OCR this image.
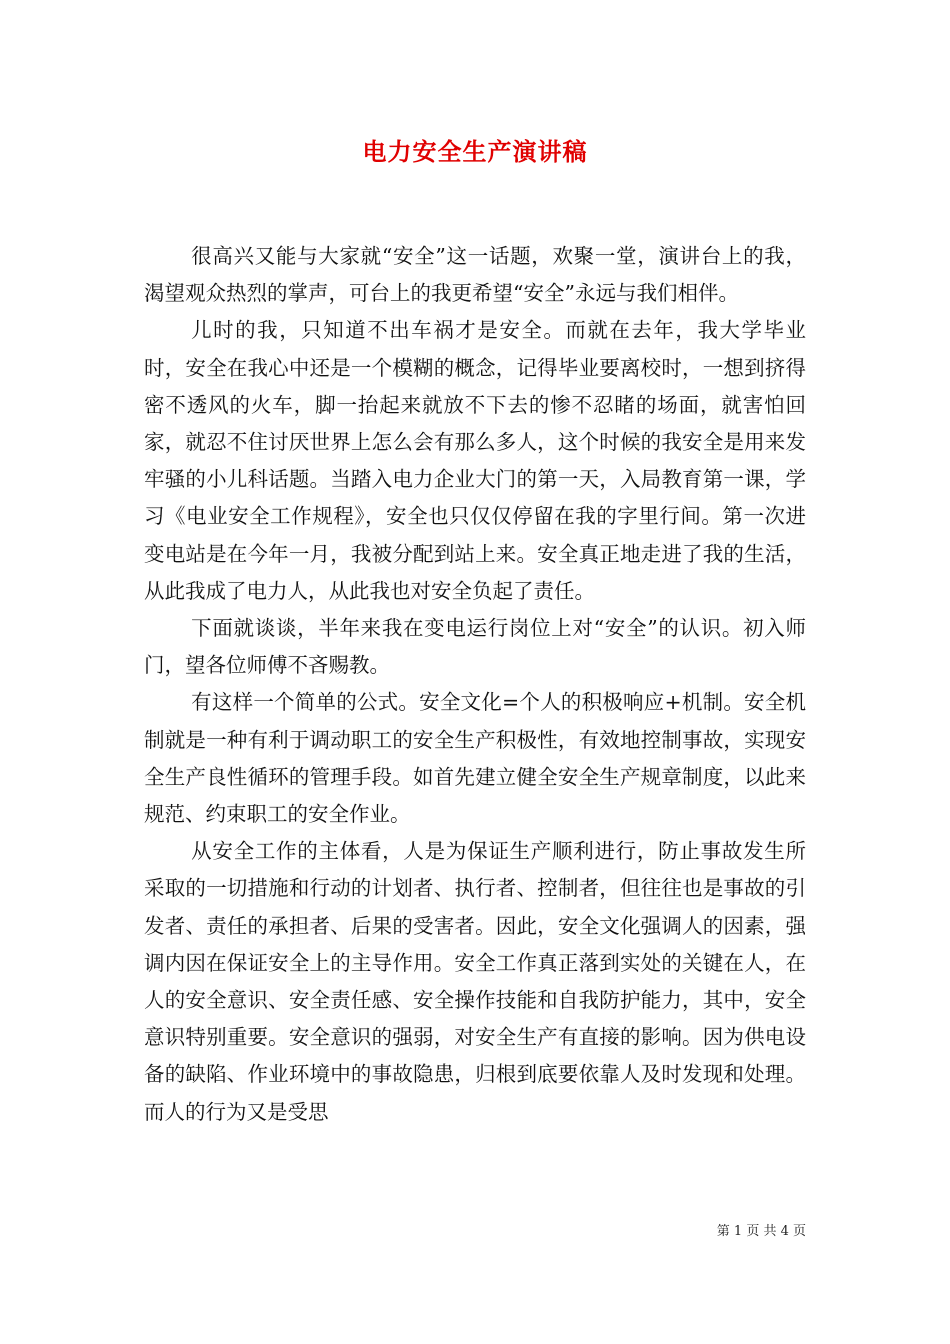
电力安全生产演讲稿

很高兴又能与大家就“安全”这一话题，欢聚一堂，演讲台上的我，渴望观众热烈的掌声，可台上的我更希望“安全”永远与我们相伴。

儿时的我，只知道不出车祸才是安全。而就在去年，我大学毕业时，安全在我心中还是一个模糊的概念，记得毕业要离校时，一想到挤得密不透风的火车，脚一抬起来就放不下去的惨不忍睹的场面，就害怕回家，就忍不住讨厌世界上怎么会有那么多人，这个时候的我安全是用来发牢骚的小儿科话题。当踏入电力企业大门的第一天，入局教育第一课，学习《电业安全工作规程》，安全也只仅仅停留在我的字里行间。第一次进变电站是在今年一月，我被分配到站上来。安全真正地走进了我的生活，从此我成了电力人，从此我也对安全负起了责任。

下面就谈谈，半年来我在变电运行岗位上对“安全”的认识。初入师门，望各位师傅不吝赐教。

有这样一个简单的公式。安全文化=个人的积极响应+机制。安全机制就是一种有利于调动职工的安全生产积极性，有效地控制事故，实现安全生产良性循环的管理手段。如首先建立健全安全生产规章制度，以此来规范、约束职工的安全作业。

从安全工作的主体看，人是为保证生产顺利进行，防止事故发生所采取的一切措施和行动的计划者、执行者、控制者，但往往也是事故的引发者、责任的承担者、后果的受害者。因此，安全文化强调人的因素，强调内因在保证安全上的主导作用。安全工作真正落到实处的关键在人，在人的安全意识、安全责任感、安全操作技能和自我防护能力，其中，安全意识特别重要。安全意识的强弱，对安全生产有直接的影响。因为供电设备的缺陷、作业环境中的事故隐患，归根到底要依靠人及时发现和处理。而人的行为又是受思

第 1 页 共 4 页
